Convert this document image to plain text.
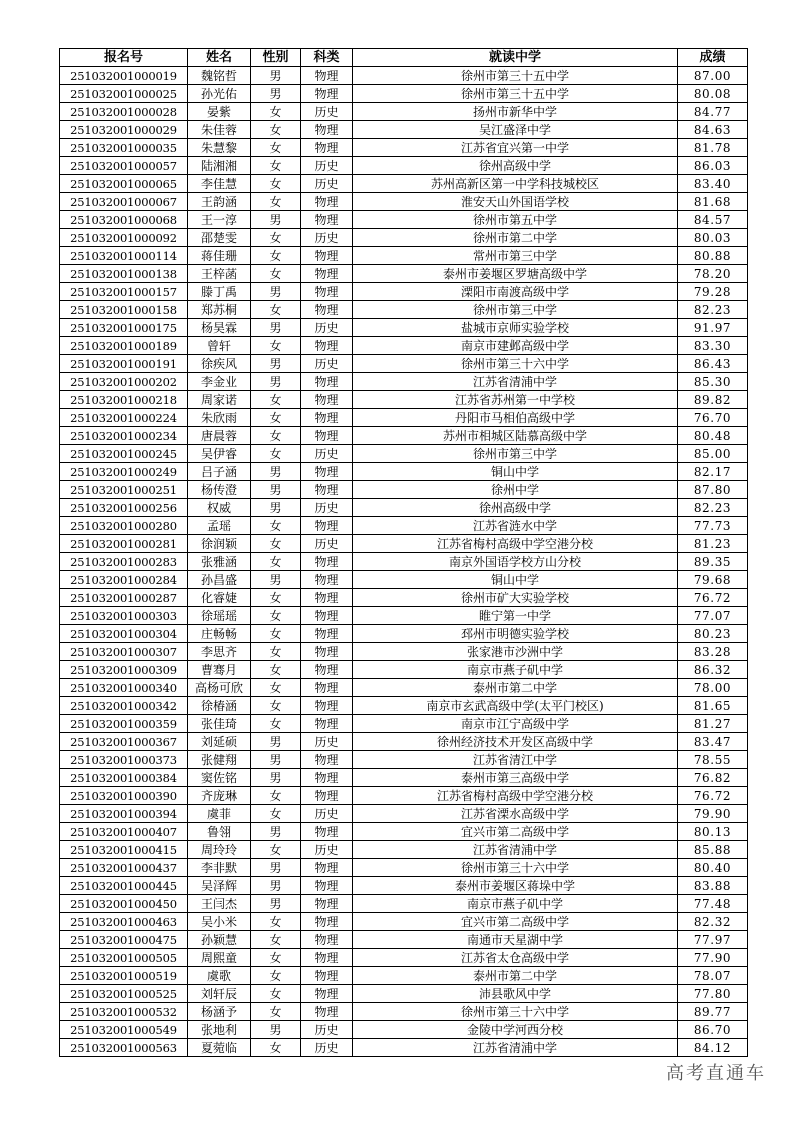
报名号	姓名	性别	科类	就读中学	成绩
251032001000019	魏铭哲	男	物理	徐州市第三十五中学	87.00
251032001000025	孙光佑	男	物理	徐州市第三十五中学	80.08
251032001000028	晏紫	女	历史	扬州市新华中学	84.77
251032001000029	朱佳蓉	女	物理	吴江盛泽中学	84.63
251032001000035	朱慧黎	女	物理	江苏省宜兴第一中学	81.78
251032001000057	陆湘湘	女	历史	徐州高级中学	86.03
251032001000065	李佳慧	女	历史	苏州高新区第一中学科技城校区	83.40
251032001000067	王韵涵	女	物理	淮安天山外国语学校	81.68
251032001000068	王一淳	男	物理	徐州市第五中学	84.57
251032001000092	邵楚雯	女	历史	徐州市第二中学	80.03
251032001000114	蒋佳珊	女	物理	常州市第三中学	80.88
251032001000138	王梓菡	女	物理	泰州市姜堰区罗塘高级中学	78.20
251032001000157	滕丁禹	男	物理	溧阳市南渡高级中学	79.28
251032001000158	郑苏桐	女	物理	徐州市第三中学	82.23
251032001000175	杨昊霖	男	历史	盐城市京师实验学校	91.97
251032001000189	曾轩	女	物理	南京市建邺高级中学	83.30
251032001000191	徐疾风	男	历史	徐州市第三十六中学	86.43
251032001000202	李金业	男	物理	江苏省清浦中学	85.30
251032001000218	周家诺	女	物理	江苏省苏州第一中学校	89.82
251032001000224	朱欣雨	女	物理	丹阳市马相伯高级中学	76.70
251032001000234	唐晨蓉	女	物理	苏州市相城区陆慕高级中学	80.48
251032001000245	吴伊睿	女	历史	徐州市第三中学	85.00
251032001000249	吕子涵	男	物理	铜山中学	82.17
251032001000251	杨传澄	男	物理	徐州中学	87.80
251032001000256	权威	男	历史	徐州高级中学	82.23
251032001000280	孟瑶	女	物理	江苏省涟水中学	77.73
251032001000281	徐润颖	女	历史	江苏省梅村高级中学空港分校	81.23
251032001000283	张雅涵	女	物理	南京外国语学校方山分校	89.35
251032001000284	孙昌盛	男	物理	铜山中学	79.68
251032001000287	化睿婕	女	物理	徐州市矿大实验学校	76.72
251032001000303	徐瑶瑶	女	物理	睢宁第一中学	77.07
251032001000304	庄畅畅	女	物理	邳州市明德实验学校	80.23
251032001000307	李思齐	女	物理	张家港市沙洲中学	83.28
251032001000309	曹骞月	女	物理	南京市燕子矶中学	86.32
251032001000340	高杨可欣	女	物理	泰州市第二中学	78.00
251032001000342	徐椿涵	女	物理	南京市玄武高级中学(太平门校区)	81.65
251032001000359	张佳琦	女	物理	南京市江宁高级中学	81.27
251032001000367	刘延硕	男	历史	徐州经济技术开发区高级中学	83.47
251032001000373	张健翔	男	物理	江苏省清江中学	78.55
251032001000384	窦佐铭	男	物理	泰州市第三高级中学	76.82
251032001000390	齐庞琳	女	物理	江苏省梅村高级中学空港分校	76.72
251032001000394	虞菲	女	历史	江苏省溧水高级中学	79.90
251032001000407	鲁翎	男	物理	宜兴市第二高级中学	80.13
251032001000415	周玲玲	女	历史	江苏省清浦中学	85.88
251032001000437	李非默	男	物理	徐州市第三十六中学	80.40
251032001000445	吴泽辉	男	物理	泰州市姜堰区蒋垛中学	83.88
251032001000450	王闫杰	男	物理	南京市燕子矶中学	77.48
251032001000463	吴小米	女	物理	宜兴市第二高级中学	82.32
251032001000475	孙颖慧	女	物理	南通市天星湖中学	77.97
251032001000505	周熙童	女	物理	江苏省太仓高级中学	77.90
251032001000519	虞歌	女	物理	泰州市第二中学	78.07
251032001000525	刘轩辰	女	物理	沛县歌风中学	77.80
251032001000532	杨涵予	女	物理	徐州市第三十六中学	89.77
251032001000549	张地利	男	历史	金陵中学河西分校	86.70
251032001000563	夏菀临	女	历史	江苏省清浦中学	84.12
高考直通车
